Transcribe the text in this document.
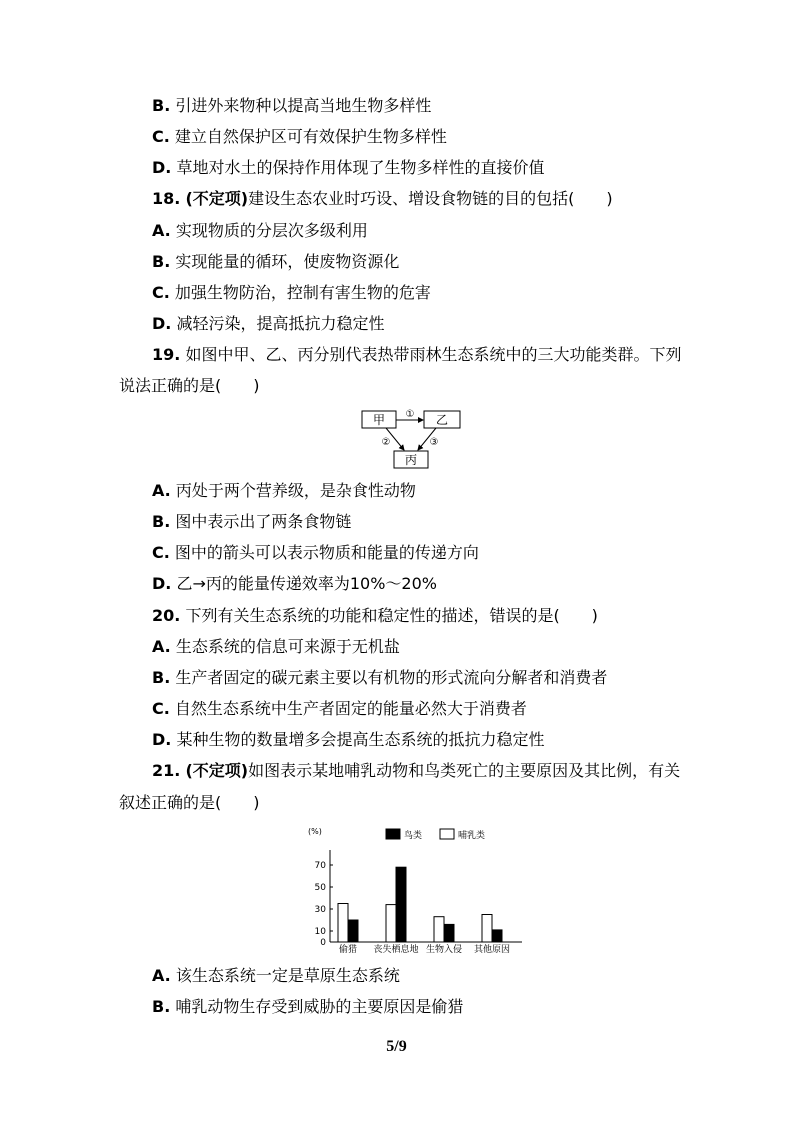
B. 引进外来物种以提高当地生物多样性
C. 建立自然保护区可有效保护生物多样性
D. 草地对水土的保持作用体现了生物多样性的直接价值
18. (不定项)建设生态农业时巧设、增设食物链的目的包括(　　)
A. 实现物质的分层次多级利用
B. 实现能量的循环，使废物资源化
C. 加强生物防治，控制有害生物的危害
D. 减轻污染，提高抵抗力稳定性
19. 如图中甲、乙、丙分别代表热带雨林生态系统中的三大功能类群。下列
说法正确的是(　　)
甲	乙
丙
①
②	③
A. 丙处于两个营养级，是杂食性动物
B. 图中表示出了两条食物链
C. 图中的箭头可以表示物质和能量的传递方向
D. 乙→丙的能量传递效率为10%～20%
20. 下列有关生态系统的功能和稳定性的描述，错误的是(　　)
A. 生态系统的信息可来源于无机盐
B. 生产者固定的碳元素主要以有机物的形式流向分解者和消费者
C. 自然生态系统中生产者固定的能量必然大于消费者
D. 某种生物的数量增多会提高生态系统的抵抗力稳定性
21. (不定项)如图表示某地哺乳动物和鸟类死亡的主要原因及其比例，有关
叙述正确的是(　　)
(%)
0
10
30
50
70
偷猎 丧失栖息地 生物入侵 其他原因
鸟类	哺乳类
A. 该生态系统一定是草原生态系统
B. 哺乳动物生存受到威胁的主要原因是偷猎
5/9
